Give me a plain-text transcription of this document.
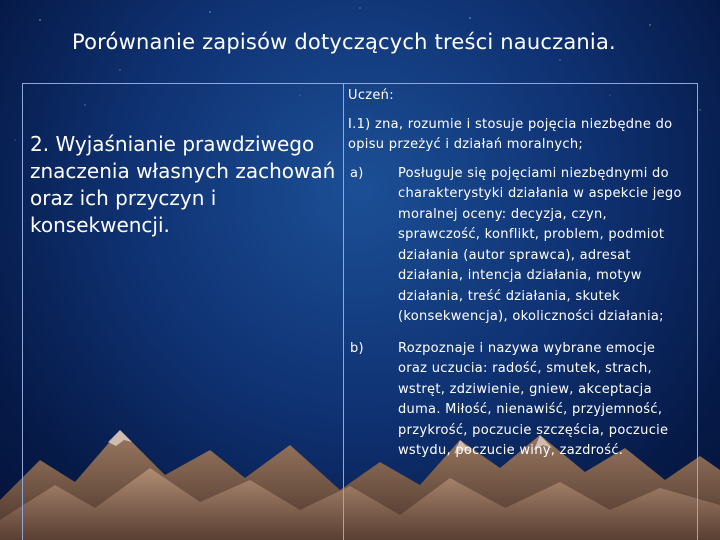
Porównanie zapisów dotyczących treści nauczania.
2. Wyjaśnianie prawdziwego znaczenia własnych zachowań oraz ich przyczyn i konsekwencji.
Uczeń:
I.1) zna, rozumie i stosuje pojęcia niezbędne do opisu przeżyć i działań moralnych;
a)	Posługuje się pojęciami niezbędnymi do charakterystyki działania w aspekcie jego moralnej oceny: decyzja, czyn, sprawczość, konflikt, problem, podmiot działania (autor sprawca), adresat działania, intencja działania, motyw działania, treść działania, skutek (konsekwencja), okoliczności działania;
b)	Rozpoznaje i nazywa wybrane emocje oraz uczucia: radość, smutek, strach, wstręt, zdziwienie, gniew, akceptacja duma. Miłość, nienawiść, przyjemność, przykrość, poczucie szczęścia, poczucie wstydu, poczucie winy, zazdrość.
